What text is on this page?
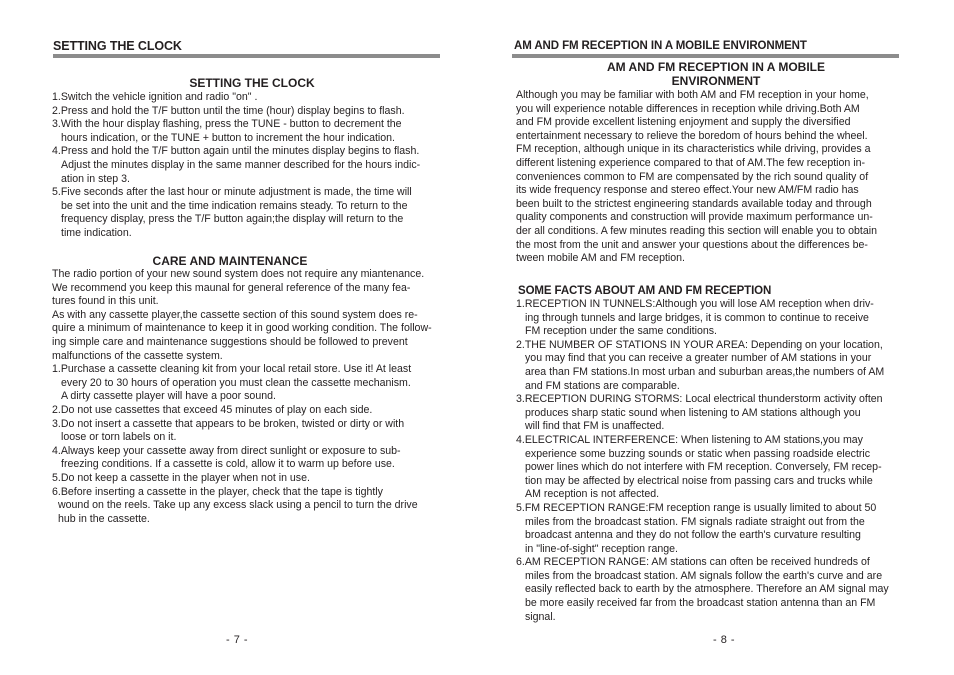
SETTING THE CLOCK
SETTING THE CLOCK
1.Switch the vehicle ignition and radio "on" .
2.Press and hold the T/F button until the time (hour) display begins to flash.
3.With the hour display flashing, press the TUNE - button to decrement the
hours indication, or the TUNE + button to increment the hour indication.
4.Press and hold the T/F button again until the minutes display begins to flash.
Adjust the minutes display in the same manner described for the hours indic-
ation in step 3.
5.Five seconds after the last hour or minute adjustment is made, the time will
be set into the unit and the time indication remains steady. To return to the
frequency display, press the T/F button again;the display will return to the
time indication.
CARE AND MAINTENANCE
The radio portion of your new sound system does not require any miantenance.
We recommend you keep this maunal for general reference of the many fea-
tures found in this unit.
As with any cassette player,the cassette section of this sound system does re-
quire a minimum of maintenance to keep it in good working condition. The follow-
ing simple care and maintenance suggestions should be followed to prevent
malfunctions of the cassette system.
1.Purchase a cassette cleaning kit from your local retail store. Use it! At least
every 20 to 30 hours of operation you must clean the cassette mechanism.
A dirty cassette player will have a poor sound.
2.Do not use cassettes that exceed 45 minutes of play on each side.
3.Do not insert a cassette that appears to be broken, twisted or dirty or with
loose or torn labels on it.
4.Always keep your cassette away from direct sunlight or exposure to sub-
freezing conditions. If a cassette is cold, allow it to warm up before use.
5.Do not keep a cassette in the player when not in use.
6.Before inserting a cassette in the player, check that the tape is tightly
wound on the reels. Take up any excess slack using a pencil to turn the drive
hub in the cassette.
- 7 -
AM AND FM RECEPTION IN A MOBILE ENVIRONMENT
AM AND FM RECEPTION IN A MOBILE
ENVIRONMENT
Although you may be familiar with both AM and FM reception in your home,
you will experience notable differences in reception while driving.Both AM
and FM provide excellent listening enjoyment and supply the diversified
entertainment necessary to relieve the boredom of hours behind the wheel.
FM reception, although unique in its characteristics while driving, provides a
different listening experience compared to that of AM.The few reception in-
conveniences common to FM are compensated by the rich sound quality of
its wide frequency response and stereo effect.Your new AM/FM radio has
been built to the strictest engineering standards available today and through
quality components and construction will provide maximum performance un-
der all conditions. A few minutes reading this section will enable you to obtain
the most from the unit and answer your questions about the differences be-
tween mobile AM and FM reception.
SOME FACTS ABOUT AM AND FM RECEPTION
1.RECEPTION IN TUNNELS:Although you will lose AM reception when driv-
ing through tunnels and large bridges, it is common to continue to receive
FM reception under the same conditions.
2.THE NUMBER OF STATIONS IN YOUR AREA: Depending on your location,
you may find that you can receive a greater number of AM stations in your
area than FM stations.In most urban and suburban areas,the numbers of AM
and FM stations are comparable.
3.RECEPTION DURING STORMS: Local electrical thunderstorm activity often
produces sharp static sound when listening to AM stations although you
will find that FM is unaffected.
4.ELECTRICAL INTERFERENCE: When listening to AM stations,you may
experience some buzzing sounds or static when passing roadside electric
power lines which do not interfere with FM reception. Conversely, FM recep-
tion may be affected by electrical noise from passing cars and trucks while
AM reception is not affected.
5.FM RECEPTION RANGE:FM reception range is usually limited to about 50
miles from the broadcast station. FM signals radiate straight out from the
broadcast antenna and they do not follow the earth's curvature resulting
in "line-of-sight" reception range.
6.AM RECEPTION RANGE: AM stations can often be received hundreds of
miles from the broadcast station. AM signals follow the earth's curve and are
easily reflected back to earth by the atmosphere. Therefore an AM signal may
be more easily received far from the broadcast station antenna than an FM
signal.
- 8 -
